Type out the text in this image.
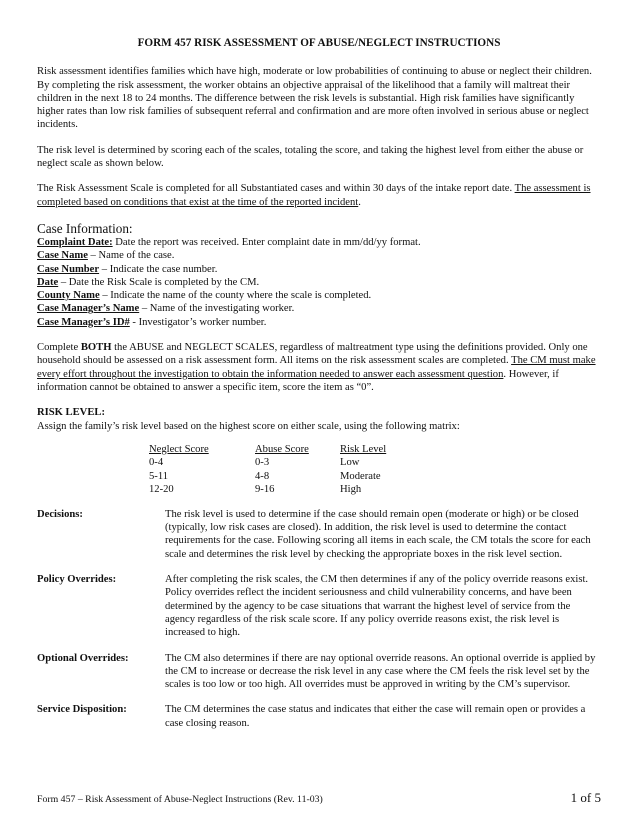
FORM 457 RISK ASSESSMENT OF ABUSE/NEGLECT INSTRUCTIONS

Risk assessment identifies families which have high, moderate or low probabilities of continuing to abuse or neglect their children. By completing the risk assessment, the worker obtains an objective appraisal of the likelihood that a family will maltreat their children in the next 18 to 24 months. The difference between the risk levels is substantial. High risk families have significantly higher rates than low risk families of subsequent referral and confirmation and are more often involved in serious abuse or neglect incidents.

The risk level is determined by scoring each of the scales, totaling the score, and taking the highest level from either the abuse or neglect scale as shown below.

The Risk Assessment Scale is completed for all Substantiated cases and within 30 days of the intake report date. The assessment is completed based on conditions that exist at the time of the reported incident.

Case Information:
Complaint Date: Date the report was received. Enter complaint date in mm/dd/yy format.
Case Name – Name of the case.
Case Number – Indicate the case number.
Date – Date the Risk Scale is completed by the CM.
County Name – Indicate the name of the county where the scale is completed.
Case Manager’s Name – Name of the investigating worker.
Case Manager’s ID# - Investigator’s worker number.

Complete BOTH the ABUSE and NEGLECT SCALES, regardless of maltreatment type using the definitions provided. Only one household should be assessed on a risk assessment form. All items on the risk assessment scales are completed. The CM must make every effort throughout the investigation to obtain the information needed to answer each assessment question. However, if information cannot be obtained to answer a specific item, score the item as “0”.

RISK LEVEL:
Assign the family’s risk level based on the highest score on either scale, using the following matrix:
Neglect Score	Abuse Score	Risk Level
0-4	0-3	Low
5-11	4-8	Moderate
12-20	9-16	High
Decisions:	The risk level is used to determine if the case should remain open (moderate or high) or be closed (typically, low risk cases are closed). In addition, the risk level is used to determine the contact requirements for the case. Following scoring all items in each scale, the CM totals the score for each scale and determines the risk level by checking the appropriate boxes in the risk level section.
Policy Overrides:	After completing the risk scales, the CM then determines if any of the policy override reasons exist. Policy overrides reflect the incident seriousness and child vulnerability concerns, and have been determined by the agency to be case situations that warrant the highest level of service from the agency regardless of the risk scale score. If any policy override reasons exist, the risk level is increased to high.
Optional Overrides:	The CM also determines if there are nay optional override reasons. An optional override is applied by the CM to increase or decrease the risk level in any case where the CM feels the risk level set by the scales is too low or too high. All overrides must be approved in writing by the CM’s supervisor.
Service Disposition:	The CM determines the case status and indicates that either the case will remain open or provides a case closing reason.
Form 457 – Risk Assessment of Abuse-Neglect Instructions (Rev. 11-03)	1 of 5
